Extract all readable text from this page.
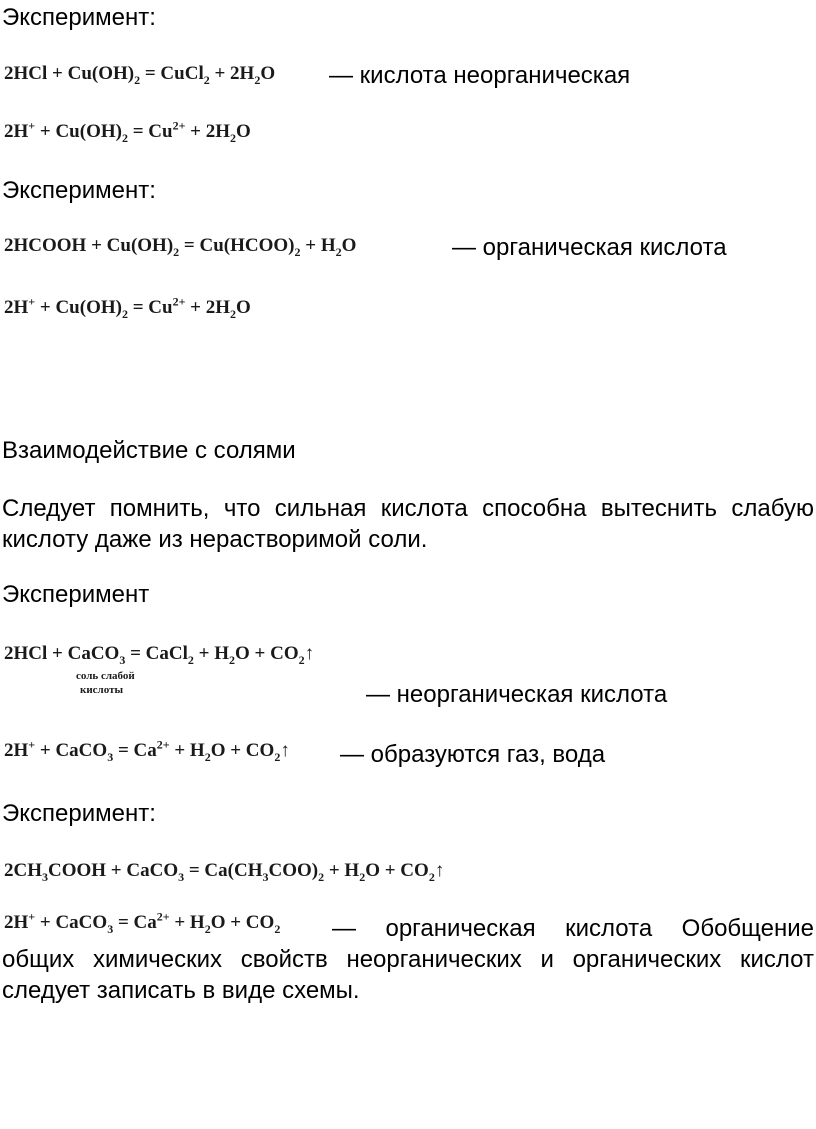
Эксперимент:
$2HCl + Cu(OH)_2$ = CuCl$_2$ + $2H_2O$ — кислота неорганическая
$2H^+ + Cu(OH)_2 = Cu^{2+} + 2H_2O$
Эксперимент:
2HCOOH + $Cu(OH)_2$ = $Cu(HCOO)_2 + H_2O$	— органическая кислота
$2H^+ + Cu(OH)_2 = Cu^{2+} + 2H_2O$
Взаимодействие с солями
Следует помнить, что сильная кислота способна вытеснить слабую кислоту даже из нерастворимой соли.
Эксперимент
2HCl + CaCO$_3$ = CaCl$_2$ + $H_2O$ + $CO_2↑$
соль слабой
кислоты	— неорганическая кислота
2H+ + CaCO$_3$ = $Ca^{2+} + H_2O$ + $CO_2↑$ — образуются газ, вода
Эксперимент:
$2CH_3COOH$ + CaCO$_3$ = $Ca(CH_3COO)_2 + H_2O$ + $CO_2↑$
2H+ + CaCO$_3$ = $Ca^{2+} + H_2O + CO_2$	— органическая кислота Обобщение общих химических свойств неорганических и органических кислот следует записать в виде схемы.
